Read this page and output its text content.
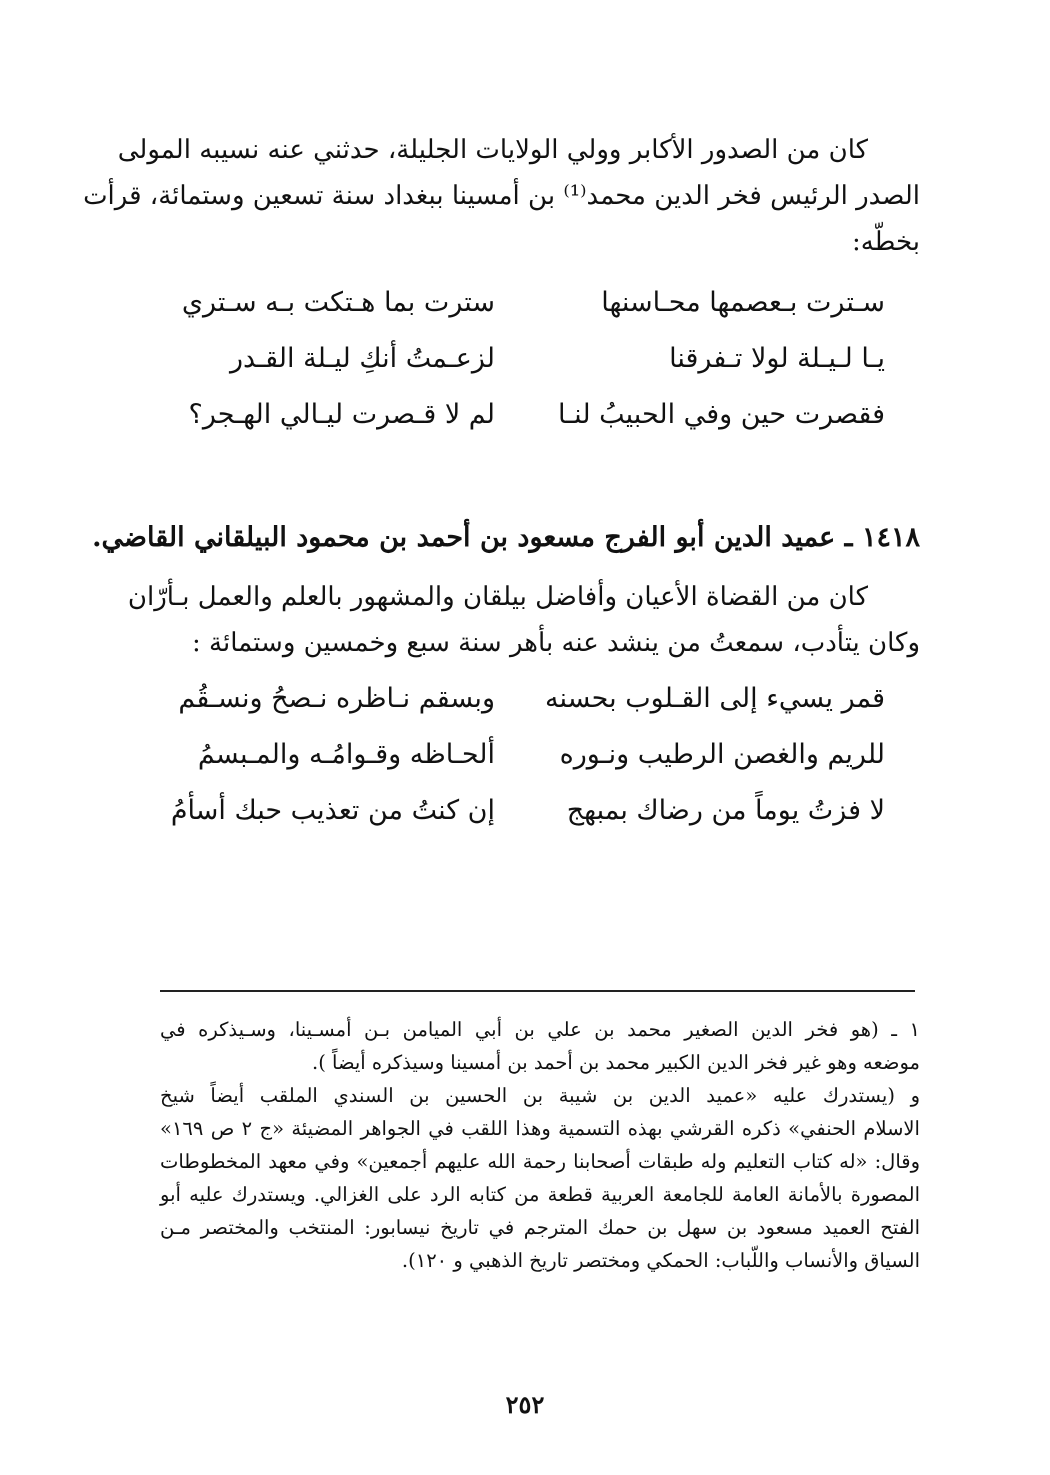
كان من الصدور الأكابر وولي الولايات الجليلة، حدثني عنه نسيبه المولى
الصدر الرئيس فخر الدين محمد⁽¹⁾ بن أمسينا ببغداد سنة تسعين وستمائة، قرأت
بخطّه:
سـترت بـعصمها محـاسنها
سترت بما هـتكت بـه سـتري
يـا لـيـلة لولا تـفرقنا
لزعـمتُ أنكِ ليـلة القـدر
فقصرت حين وفي الحبيبُ لنـا
لم لا قـصرت ليـالي الهـجر؟
١٤١٨ ـ عميد الدين أبو الفرج مسعود بن أحمد بن محمود البيلقاني القاضي.
كان من القضاة الأعيان وأفاضل بيلقان والمشهور بالعلم والعمل بـأرّان
وكان يتأدب، سمعتُ من ينشد عنه بأهر سنة سبع وخمسين وستمائة :
قمر يسيء إلى القـلوب بحسنه
وبسقم نـاظره نـصحُ ونسـقُم
للريم والغصن الرطيب ونـوره
ألحـاظه وقـوامُـه والمـبسمُ
لا فزتُ يوماً من رضاك بمبهج
إن كنتُ من تعذيب حبك أسأمُ
١ ـ (هو فخر الدين الصغير محمد بن علي بن أبي الميامن بـن أمسـينا، وسـيذكره في
موضعه وهو غير فخر الدين الكبير محمد بن أحمد بن أمسينا وسيذكره أيضاً ).
و (يستدرك عليه «عميد الدين بن شيبة بن الحسين بن السندي الملقب أيضاً شيخ
الاسلام الحنفي» ذكره القرشي بهذه التسمية وهذا اللقب في الجواهر المضيئة «ج ٢ ص ١٦٩»
وقال: «له كتاب التعليم وله طبقات أصحابنا رحمة الله عليهم أجمعين» وفي معهد المخطوطات
المصورة بالأمانة العامة للجامعة العربية قطعة من كتابه الرد على الغزالي. ويستدرك عليه أبو
الفتح العميد مسعود بن سهل بن حمك المترجم في تاريخ نيسابور: المنتخب والمختصر مـن
السياق والأنساب واللّباب: الحمكي ومختصر تاريخ الذهبي و ١٢٠).
٢٥٢
